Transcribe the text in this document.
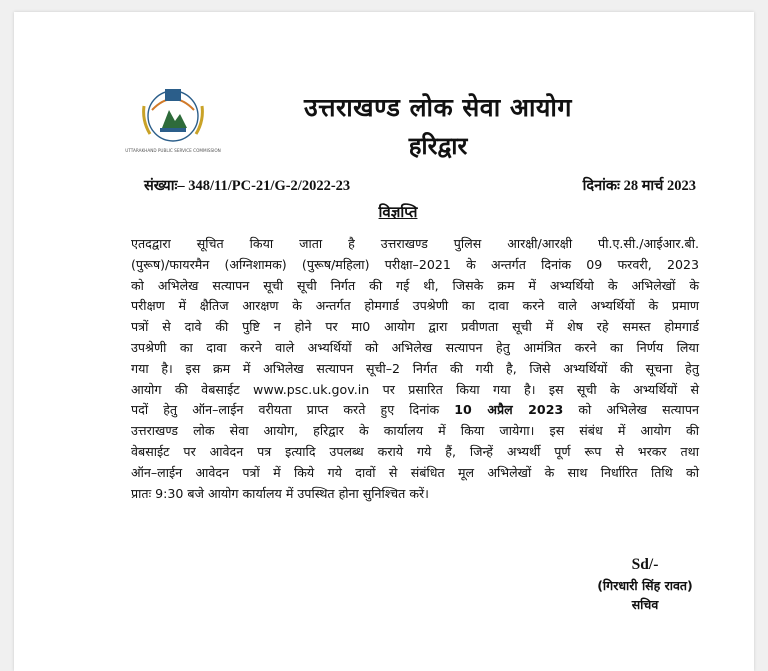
UTTARAKHAND PUBLIC SERVICE COMMISSION
उत्तराखण्ड लोक सेवा आयोग
हरिद्वार
संख्याः– 348/11/PC-21/G-2/2022-23	दिनांकः 28 मार्च 2023
विज्ञप्ति
एतदद्वारा सूचित किया जाता है उत्तराखण्ड पुलिस आरक्षी/आरक्षी पी.ए.सी./आईआर.बी.
(पुरूष)/फायरमैन (अग्निशामक) (पुरूष/महिला) परीक्षा–2021 के अन्तर्गत दिनांक 09 फरवरी, 2023
को अभिलेख सत्यापन सूची सूची निर्गत की गई थी, जिसके क्रम में अभ्यर्थियो के अभिलेखों के
परीक्षण में क्षैतिज आरक्षण के अन्तर्गत होमगार्ड उपश्रेणी का दावा करने वाले अभ्यर्थियों के प्रमाण
पत्रों से दावे की पुष्टि न होने पर मा0 आयोग द्वारा प्रवीणता सूची में शेष रहे समस्त होमगार्ड
उपश्रेणी का दावा करने वाले अभ्यर्थियों को अभिलेख सत्यापन हेतु आमंत्रित करने का निर्णय लिया
गया है। इस क्रम में अभिलेख सत्यापन सूची–2 निर्गत की गयी है, जिसे अभ्यर्थियों की सूचना हेतु
आयोग की वेबसाईट www.psc.uk.gov.in पर प्रसारित किया गया है। इस सूची के अभ्यर्थियों से
पदों हेतु ऑन–लाईन वरीयता प्राप्त करते हुए दिनांक 10 अप्रैल 2023 को अभिलेख सत्यापन
उत्तराखण्ड लोक सेवा आयोग, हरिद्वार के कार्यालय में किया जायेगा। इस संबंध में आयोग की
वेबसाईट पर आवेदन पत्र इत्यादि उपलब्ध कराये गये हैं, जिन्हें अभ्यर्थी पूर्ण रूप से भरकर तथा
ऑन–लाईन आवेदन पत्रों में किये गये दावों से संबंधित मूल अभिलेखों के साथ निर्धारित तिथि को
प्रातः 9:30 बजे आयोग कार्यालय में उपस्थित होना सुनिश्चित करें।
Sd/-
(गिरधारी सिंह रावत)
सचिव
